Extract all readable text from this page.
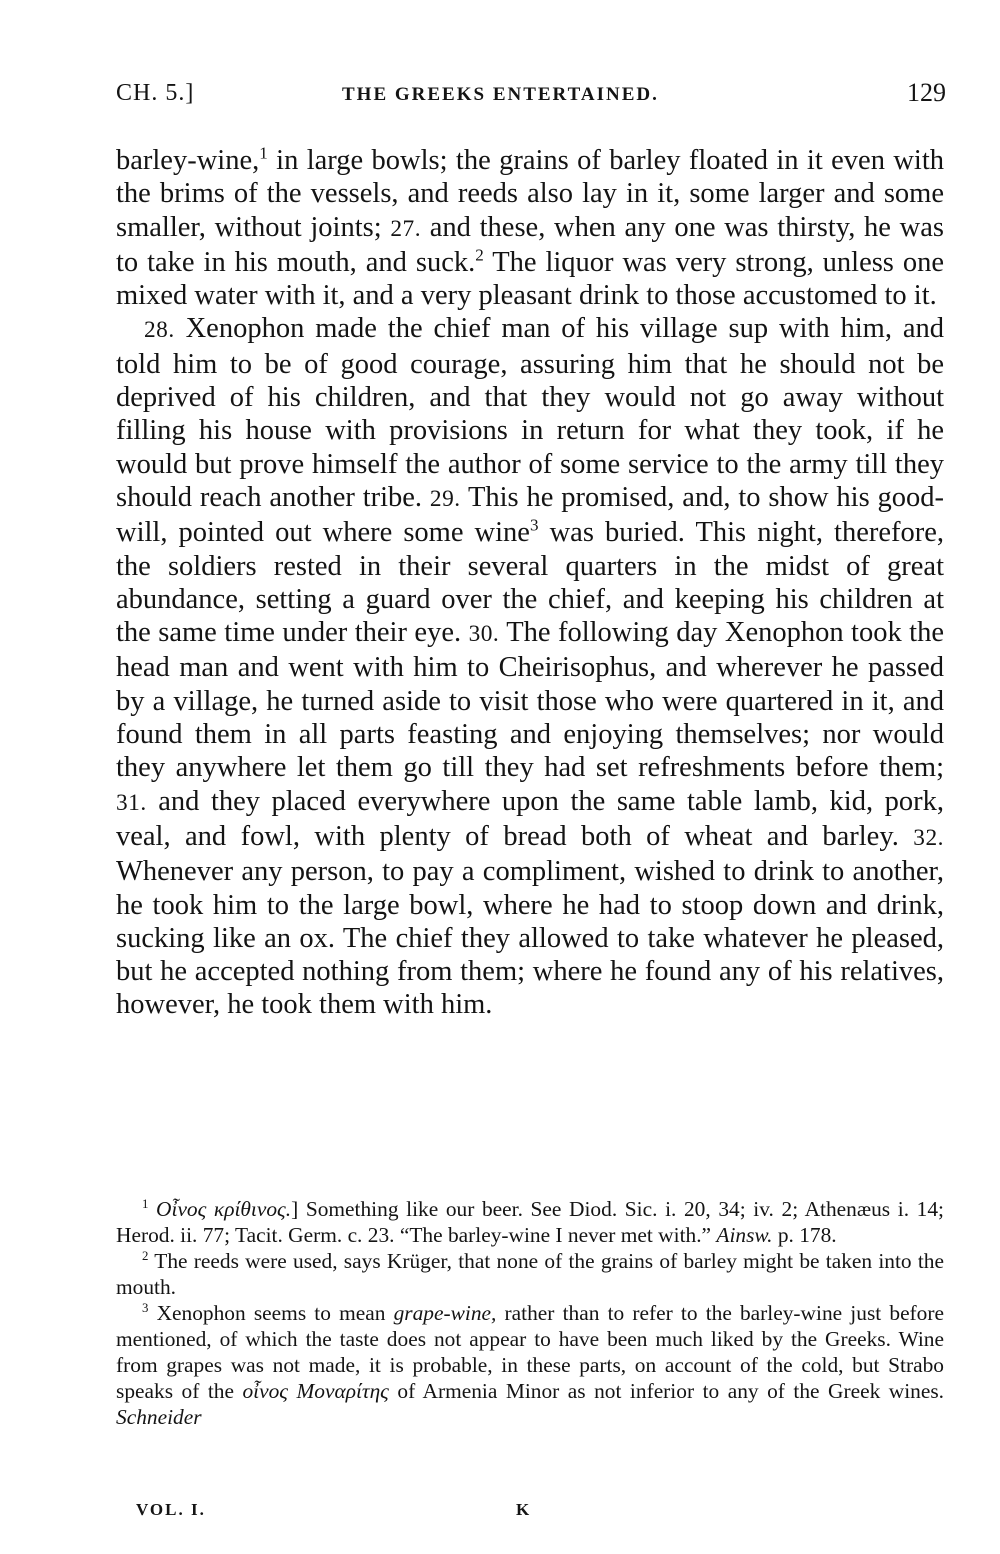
CH. 5.]	THE GREEKS ENTERTAINED.	129

barley-wine,$^1$ in large bowls; the grains of barley floated in it even with the brims of the vessels, and reeds also lay in it, some larger and some smaller, without joints; 27. and these, when any one was thirsty, he was to take in his mouth, and suck.$^2$ The liquor was very strong, unless one mixed water with it, and a very pleasant drink to those accustomed to it.

28. Xenophon made the chief man of his village sup with him, and told him to be of good courage, assuring him that he should not be deprived of his children, and that they would not go away without filling his house with provisions in return for what they took, if he would but prove himself the author of some service to the army till they should reach another tribe. 29. This he promised, and, to show his good-will, pointed out where some wine$^3$ was buried. This night, therefore, the soldiers rested in their several quarters in the midst of great abundance, setting a guard over the chief, and keeping his children at the same time under their eye. 30. The following day Xenophon took the head man and went with him to Cheirisophus, and wherever he passed by a village, he turned aside to visit those who were quartered in it, and found them in all parts feasting and enjoying themselves; nor would they anywhere let them go till they had set refreshments before them; 31. and they placed everywhere upon the same table lamb, kid, pork, veal, and fowl, with plenty of bread both of wheat and barley. 32. Whenever any person, to pay a compliment, wished to drink to another, he took him to the large bowl, where he had to stoop down and drink, sucking like an ox. The chief they allowed to take whatever he pleased, but he accepted nothing from them; where he found any of his relatives, however, he took them with him.

$^1$ Οἶνος κρίθινος.] Something like our beer. See Diod. Sic. i. 20, 34; iv. 2; Athenæus i. 14; Herod. ii. 77; Tacit. Germ. c. 23. “The barley-wine I never met with.” Ainsw. p. 178.

$^2$ The reeds were used, says Krüger, that none of the grains of barley might be taken into the mouth.

$^3$ Xenophon seems to mean grape-wine, rather than to refer to the barley-wine just before mentioned, of which the taste does not appear to have been much liked by the Greeks. Wine from grapes was not made, it is probable, in these parts, on account of the cold, but Strabo speaks of the οἶνος Μοναρίτης of Armenia Minor as not inferior to any of the Greek wines. Schneider

VOL. I.	K
